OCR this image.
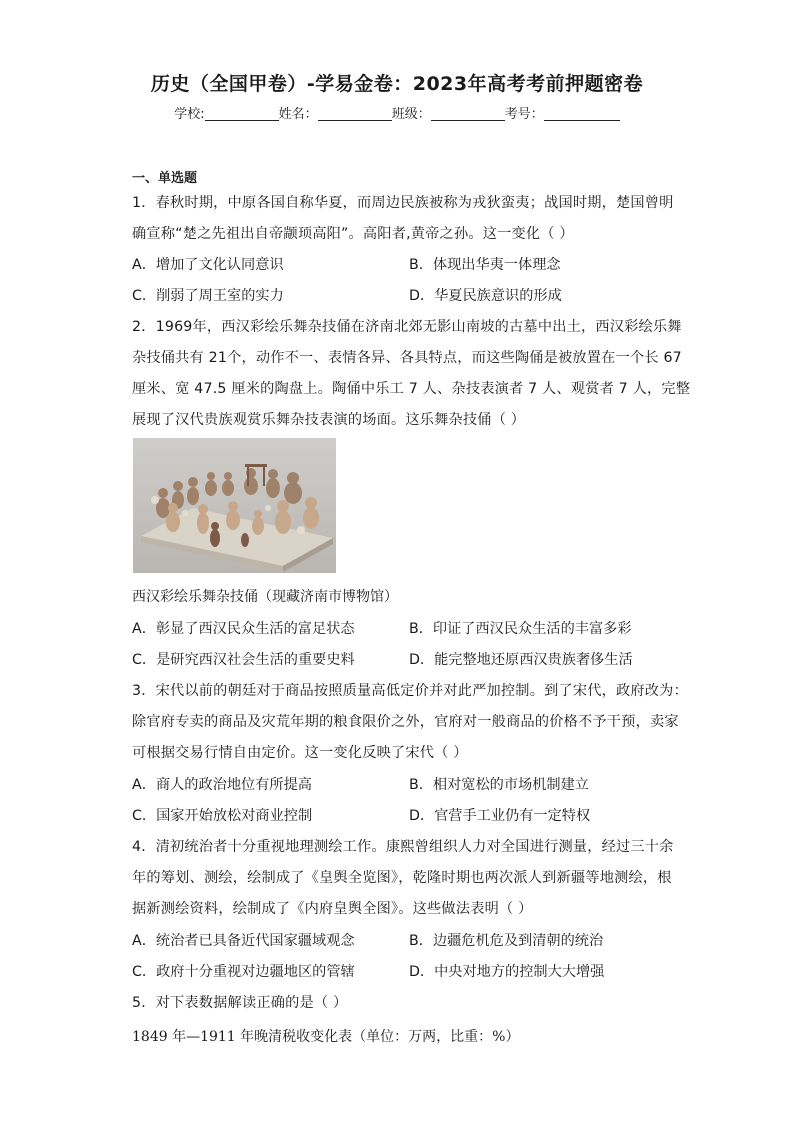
历史（全国甲卷）-学易金卷：2023年高考考前押题密卷
学校:	姓名：	班级：	考号：
一、单选题
1．春秋时期，中原各国自称华夏，而周边民族被称为戎狄蛮夷；战国时期，楚国曾明
确宣称“楚之先祖出自帝颛顼高阳”。高阳者,黄帝之孙。这一变化（ ）
A．增加了文化认同意识	B．体现出华夷一体理念
C．削弱了周王室的实力	D．华夏民族意识的形成
2．1969年，西汉彩绘乐舞杂技俑在济南北郊无影山南坡的古墓中出土，西汉彩绘乐舞
杂技俑共有 21个，动作不一、表情各异、各具特点，而这些陶俑是被放置在一个长 67
厘米、宽 47.5 厘米的陶盘上。陶俑中乐工 7 人、杂技表演者 7 人、观赏者 7 人，完整
展现了汉代贵族观赏乐舞杂技表演的场面。这乐舞杂技俑（ ）
西汉彩绘乐舞杂技俑（现藏济南市博物馆）
A．彰显了西汉民众生活的富足状态	B．印证了西汉民众生活的丰富多彩
C．是研究西汉社会生活的重要史料	D．能完整地还原西汉贵族奢侈生活
3．宋代以前的朝廷对于商品按照质量高低定价并对此严加控制。到了宋代，政府改为：
除官府专卖的商品及灾荒年期的粮食限价之外，官府对一般商品的价格不予干预，卖家
可根据交易行情自由定价。这一变化反映了宋代（ ）
A．商人的政治地位有所提高	B．相对宽松的市场机制建立
C．国家开始放松对商业控制	D．官营手工业仍有一定特权
4．清初统治者十分重视地理测绘工作。康熙曾组织人力对全国进行测量，经过三十余
年的筹划、测绘，绘制成了《皇舆全览图》，乾隆时期也两次派人到新疆等地测绘，根
据新测绘资料，绘制成了《内府皇舆全图》。这些做法表明（ ）
A．统治者已具备近代国家疆域观念	B．边疆危机危及到清朝的统治
C．政府十分重视对边疆地区的管辖	D．中央对地方的控制大大增强
5．对下表数据解读正确的是（ ）
1849 年—1911 年晚清税收变化表（单位：万两，比重：%）
